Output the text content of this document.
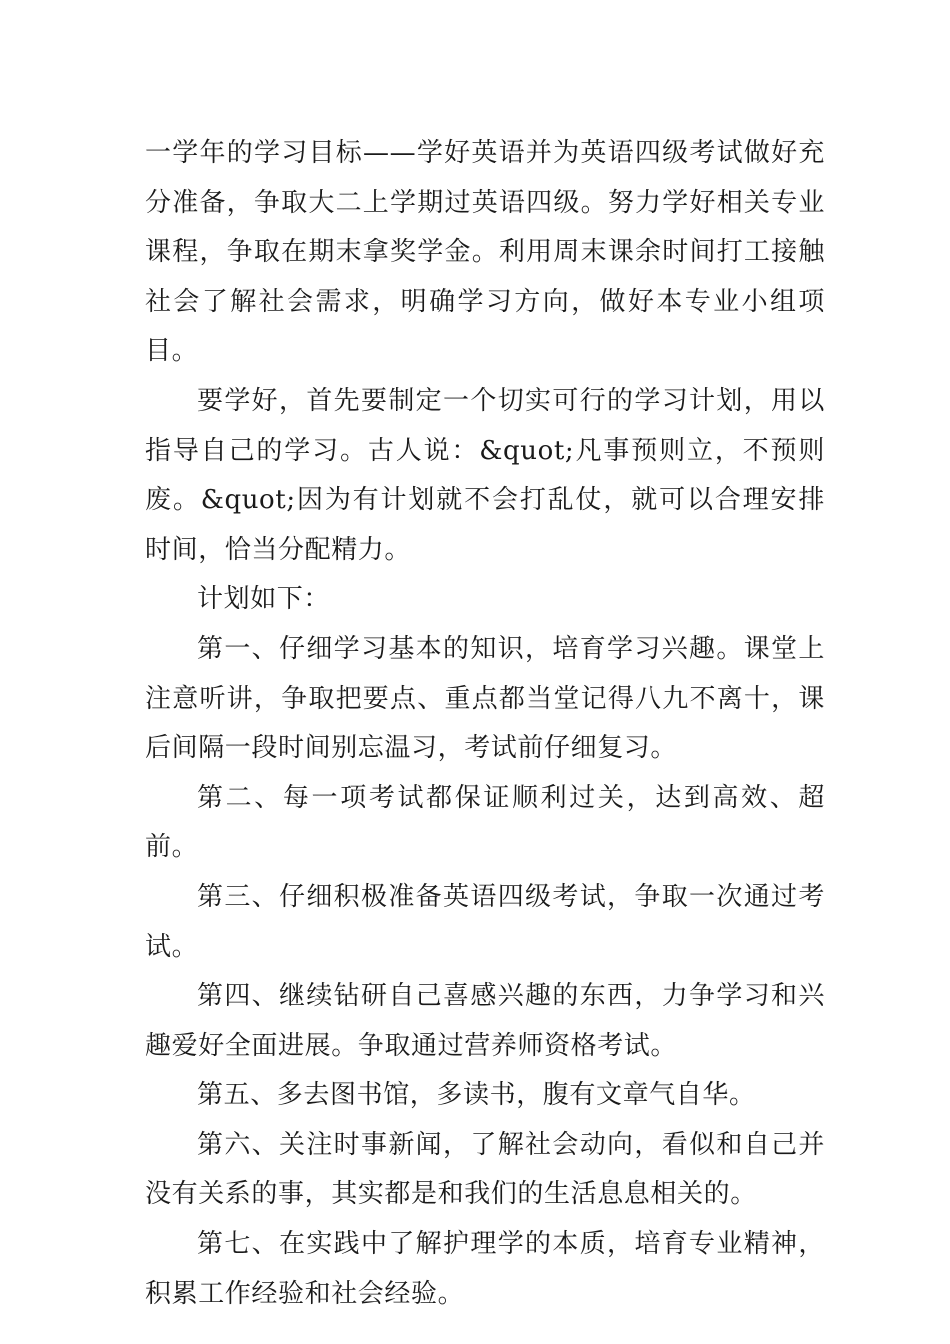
一学年的学习目标——学好英语并为英语四级考试做好充分准备，争取大二上学期过英语四级。努力学好相关专业课程，争取在期末拿奖学金。利用周末课余时间打工接触社会了解社会需求，明确学习方向，做好本专业小组项目。

要学好，首先要制定一个切实可行的学习计划，用以指导自己的学习。古人说：&quot;凡事预则立，不预则废。&quot;因为有计划就不会打乱仗，就可以合理安排时间，恰当分配精力。

计划如下：

第一、仔细学习基本的知识，培育学习兴趣。课堂上注意听讲，争取把要点、重点都当堂记得八九不离十，课后间隔一段时间别忘温习，考试前仔细复习。

第二、每一项考试都保证顺利过关，达到高效、超前。

第三、仔细积极准备英语四级考试，争取一次通过考试。

第四、继续钻研自己喜感兴趣的东西，力争学习和兴趣爱好全面进展。争取通过营养师资格考试。

第五、多去图书馆，多读书，腹有文章气自华。

第六、关注时事新闻，了解社会动向，看似和自己并没有关系的事，其实都是和我们的生活息息相关的。

第七、在实践中了解护理学的本质，培育专业精神，积累工作经验和社会经验。
